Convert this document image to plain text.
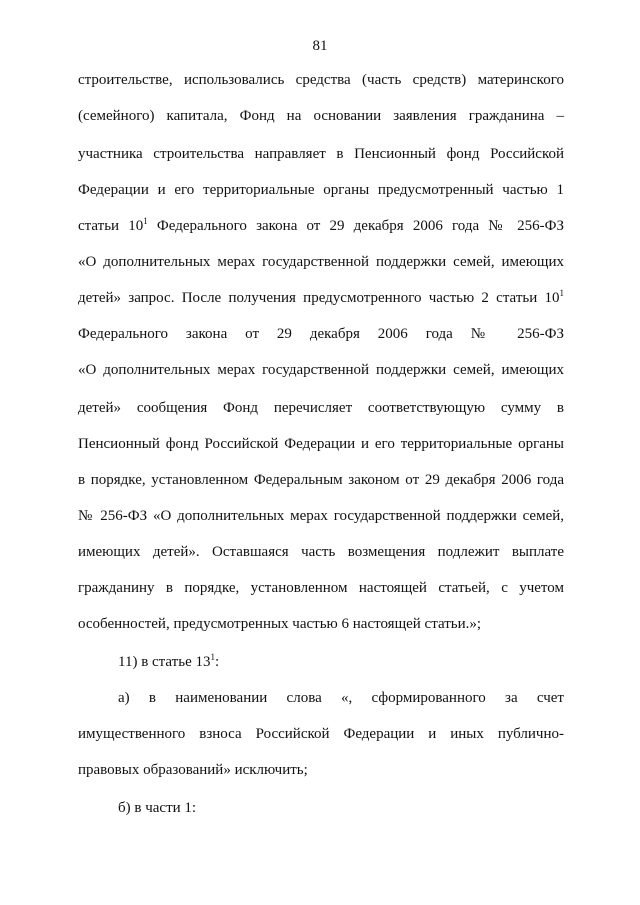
81
строительстве, использовались средства (часть средств) материнского
(семейного) капитала, Фонд на основании заявления гражданина –
участника строительства направляет в Пенсионный фонд Российской
Федерации и его территориальные органы предусмотренный частью 1
статьи $10^1$ Федерального закона от 29 декабря 2006 года № 256-ФЗ
«О дополнительных мерах государственной поддержки семей, имеющих
детей» запрос. После получения предусмотренного частью 2 статьи $10^1$
Федерального закона от 29 декабря 2006 года № 256-ФЗ
«О дополнительных мерах государственной поддержки семей, имеющих
детей» сообщения Фонд перечисляет соответствующую сумму в
Пенсионный фонд Российской Федерации и его территориальные органы
в порядке, установленном Федеральным законом от 29 декабря 2006 года
№ 256-ФЗ «О дополнительных мерах государственной поддержки семей,
имеющих детей». Оставшаяся часть возмещения подлежит выплате
гражданину в порядке, установленном настоящей статьей, с учетом
особенностей, предусмотренных частью 6 настоящей статьи.»;
11) в статье $13^1$:
а) в наименовании слова «, сформированного за счет
имущественного взноса Российской Федерации и иных публично-
правовых образований» исключить;
б) в части 1:
